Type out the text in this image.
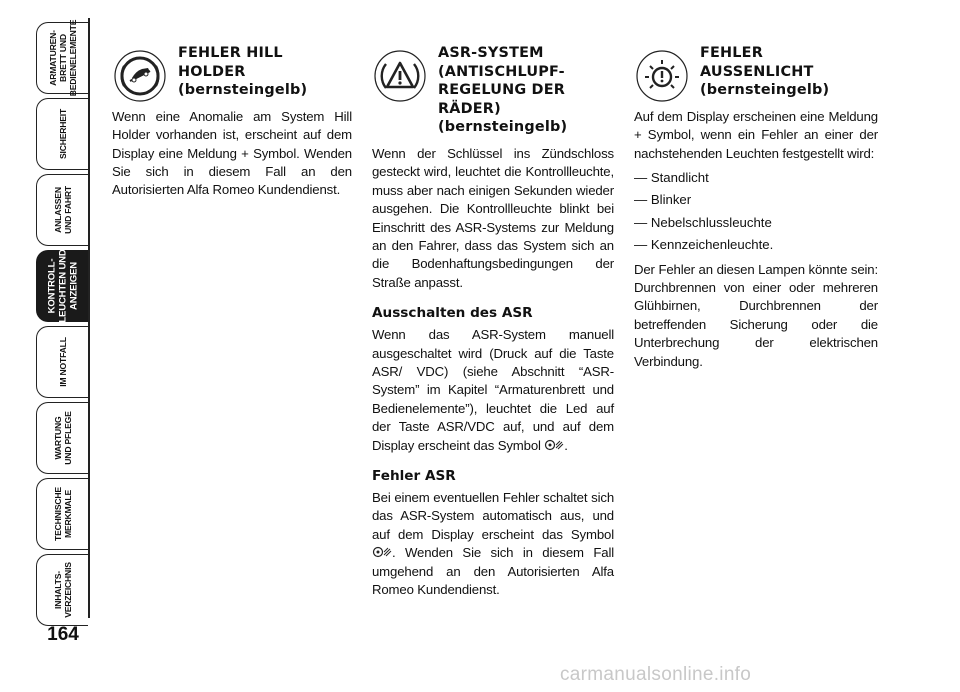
ARMATUREN-
BRETT UND
BEDIENELEMENTE
SICHERHEIT
ANLASSEN
UND FAHRT
KONTROLL-
LEUCHTEN UND
ANZEIGEN
IM NOTFALL
WARTUNG
UND PFLEGE
TECHNISCHE
MERKMALE
INHALTS-
VERZEICHNIS
164
FEHLER HILL
HOLDER
(bernsteingelb)

Wenn eine Anomalie am System Hill Holder vorhanden ist, erscheint auf dem Display eine Meldung + Symbol. Wenden Sie sich in diesem Fall an den Autorisierten Alfa Romeo Kundendienst.

ASR-SYSTEM
(ANTISCHLUPF-
REGELUNG DER
RÄDER)
(bernsteingelb)

Wenn der Schlüssel ins Zündschloss gesteckt wird, leuchtet die Kontrollleuchte, muss aber nach einigen Sekunden wieder ausgehen. Die Kontrollleuchte blinkt bei Einschritt des ASR-Systems zur Meldung an den Fahrer, dass das System sich an die Bodenhaftungsbedingungen der Straße anpasst.

Ausschalten des ASR

Wenn das ASR-System manuell ausgeschaltet wird (Druck auf die Taste ASR/ VDC) (siehe Abschnitt “ASR-System” im Kapitel “Armaturenbrett und Bedienelemente”), leuchtet die Led auf der Taste ASR/VDC auf, und auf dem Display erscheint das Symbol .

Fehler ASR

Bei einem eventuellen Fehler schaltet sich das ASR-System automatisch aus, und auf dem Display erscheint das Symbol . Wenden Sie sich in diesem Fall umgehend an den Autorisierten Alfa Romeo Kundendienst.

FEHLER
AUSSENLICHT
(bernsteingelb)

Auf dem Display erscheinen eine Meldung + Symbol, wenn ein Fehler an einer der nachstehenden Leuchten festgestellt wird:

— Standlicht
— Blinker
— Nebelschlussleuchte
— Kennzeichenleuchte.

Der Fehler an diesen Lampen könnte sein: Durchbrennen von einer oder mehreren Glühbirnen, Durchbrennen der betreffenden Sicherung oder die Unterbrechung der elektrischen Verbindung.

carmanualsonline.info
